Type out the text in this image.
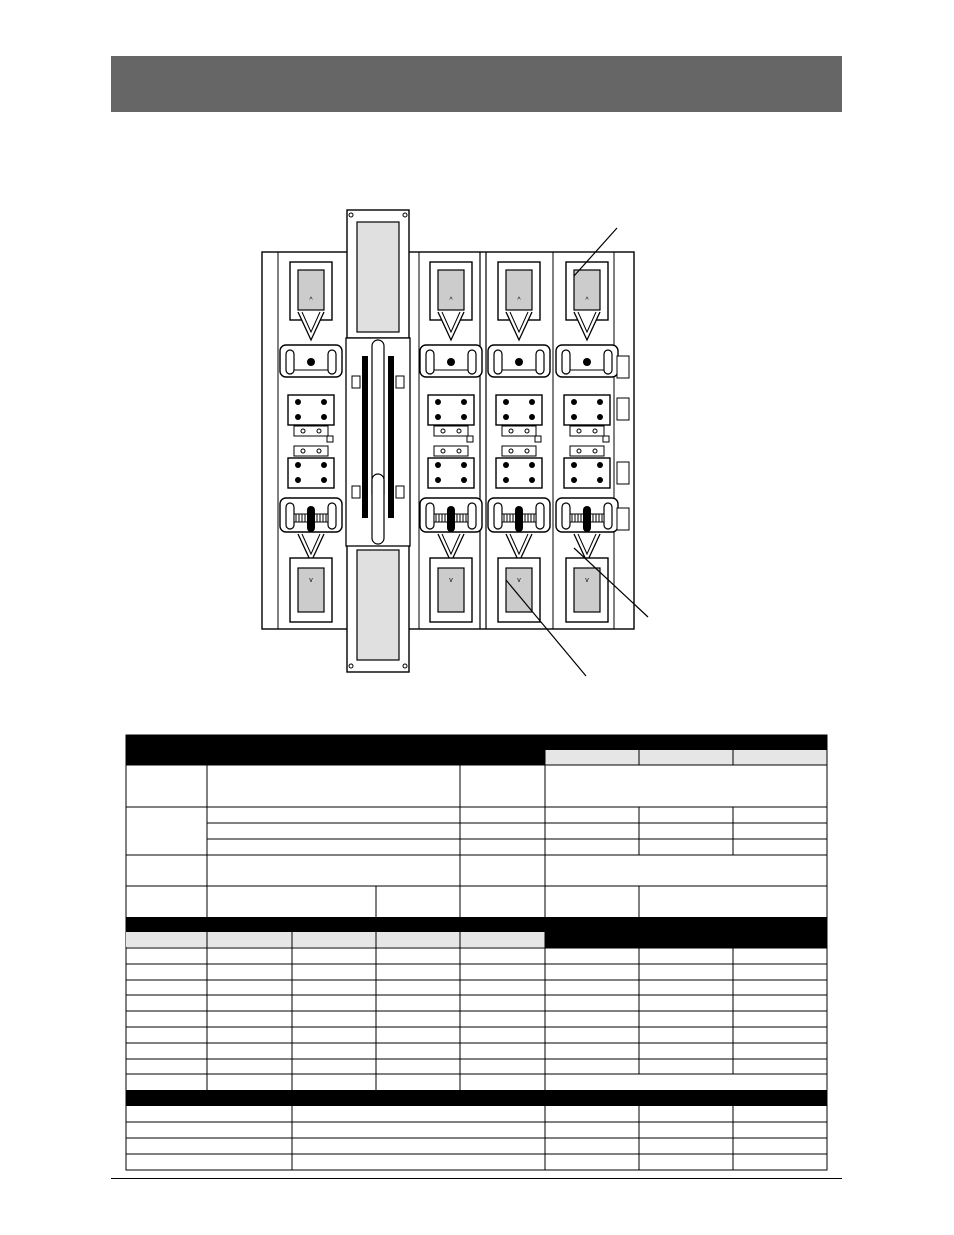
^
v
